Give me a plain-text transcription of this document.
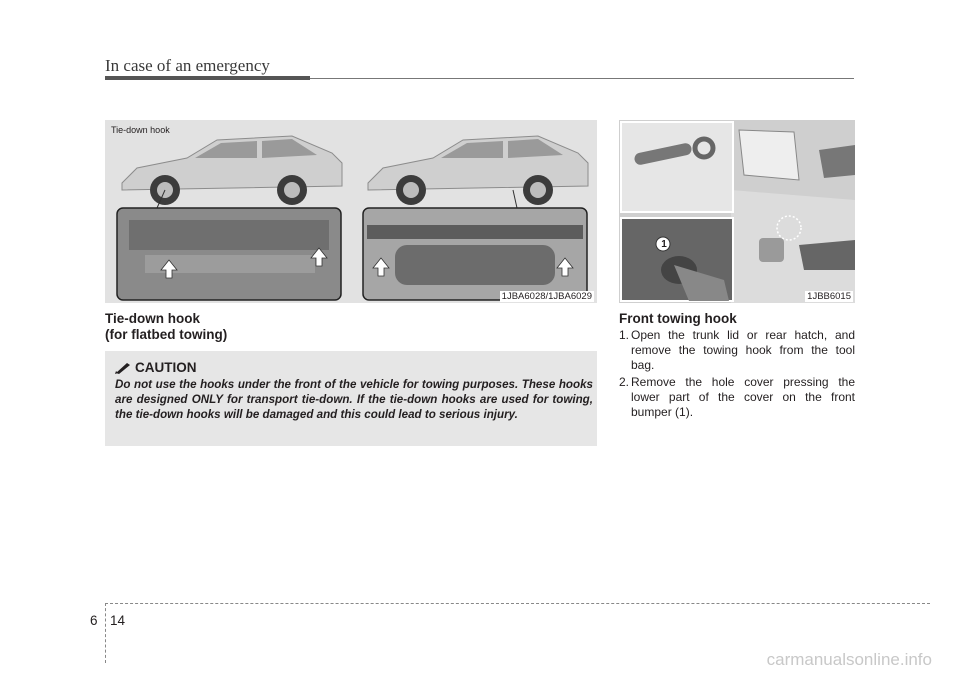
In case of an emergency
Tie-down hook
1JBA6028/1JBA6029
1
1JBB6015
Tie-down hook
(for flatbed towing)
CAUTION
Do not use the hooks under the front of the vehicle for towing purposes. These hooks are designed ONLY for transport tie-down. If the tie-down hooks are used for towing, the tie-down hooks will be damaged and this could lead to serious injury.
Front towing hook
1. Open the trunk lid or rear hatch, and remove the towing hook from the tool bag.
2. Remove the hole cover pressing the lower part of the cover on the front bumper (1).
6 14
carmanualsonline.info
